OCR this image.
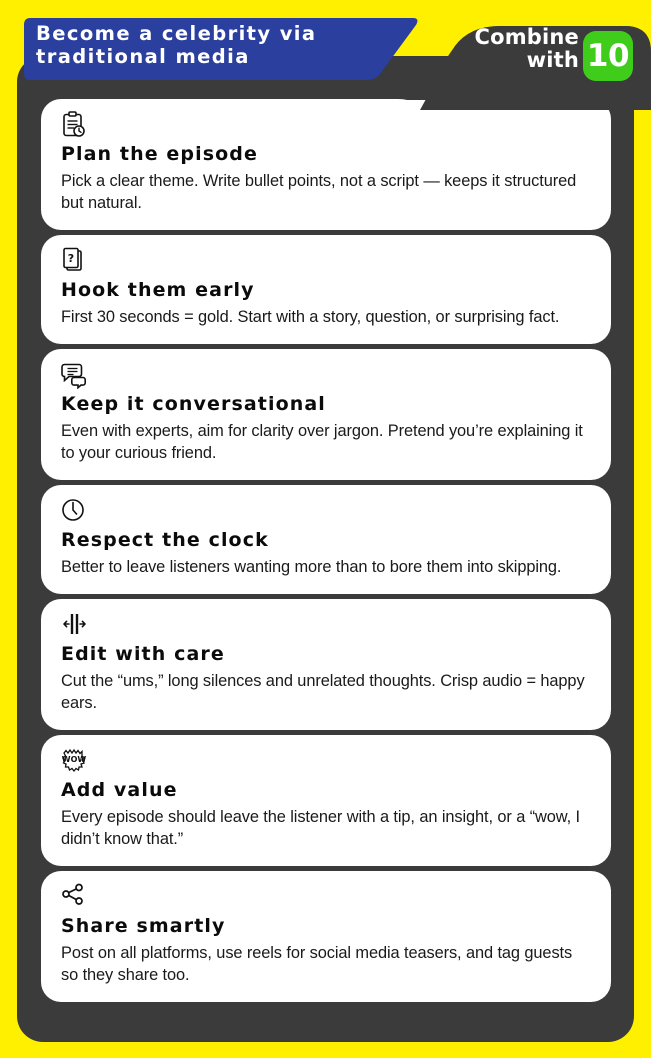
Become a celebrity via traditional media
Combine
with 10
Plan the episode
Pick a clear theme. Write bullet points, not a script — keeps it structured but natural.
?
Hook them early
First 30 seconds = gold. Start with a story, question, or surprising fact.
Keep it conversational
Even with experts, aim for clarity over jargon. Pretend you’re explaining it to your curious friend.
Respect the clock
Better to leave listeners wanting more than to bore them into skipping.
Edit with care
Cut the “ums,” long silences and unrelated thoughts. Crisp audio = happy ears.
WOW
Add value
Every episode should leave the listener with a tip, an insight, or a “wow, I didn’t know that.”
Share smartly
Post on all platforms, use reels for social media teasers, and tag guests so they share too.
